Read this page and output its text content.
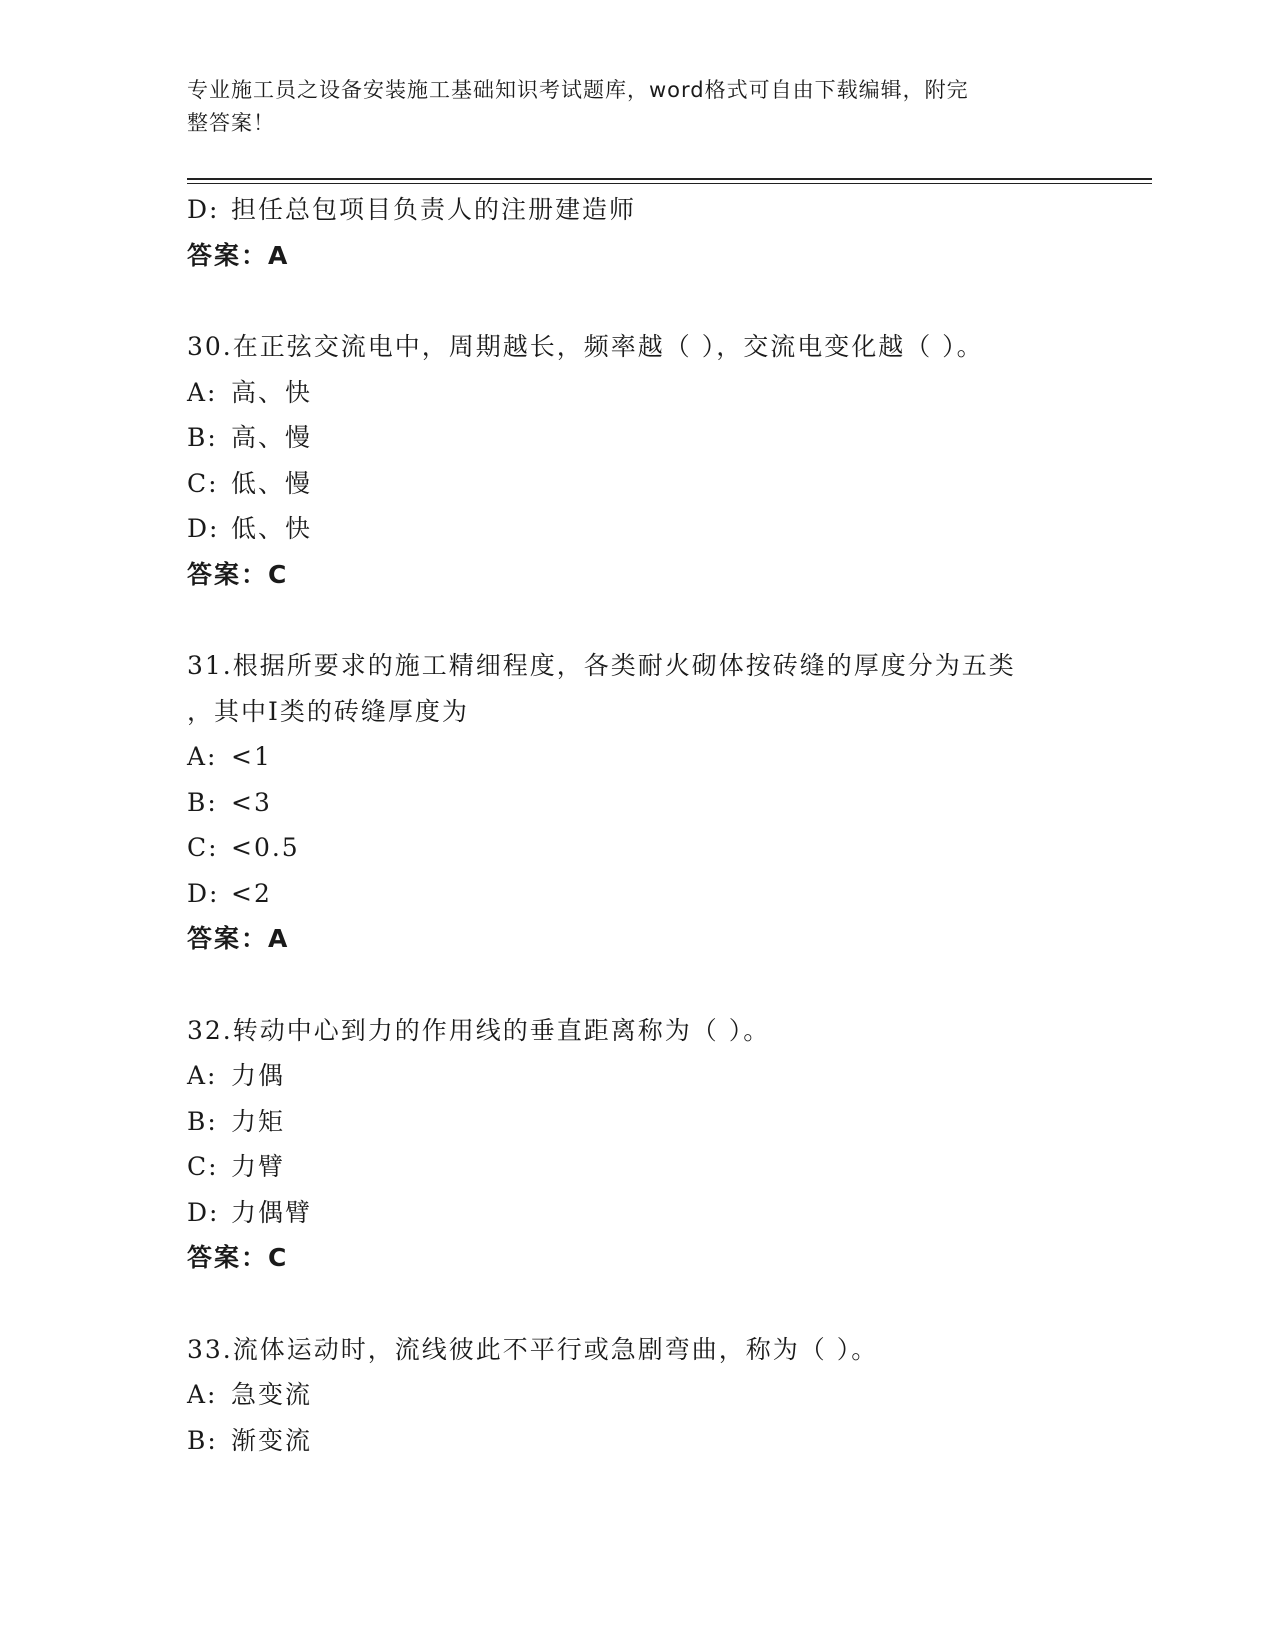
专业施工员之设备安装施工基础知识考试题库，word格式可自由下载编辑，附完
整答案！
D: 担任总包项目负责人的注册建造师
答案：A
30.在正弦交流电中，周期越长，频率越（ ），交流电变化越（ ）。
A: 高、快
B: 高、慢
C: 低、慢
D: 低、快
答案：C
31.根据所要求的施工精细程度，各类耐火砌体按砖缝的厚度分为五类
，其中Ⅰ类的砖缝厚度为
A: <1
B: <3
C: <0.5
D: <2
答案：A
32.转动中心到力的作用线的垂直距离称为（ ）。
A: 力偶
B: 力矩
C: 力臂
D: 力偶臂
答案：C
33.流体运动时，流线彼此不平行或急剧弯曲，称为（ ）。
A: 急变流
B: 渐变流
